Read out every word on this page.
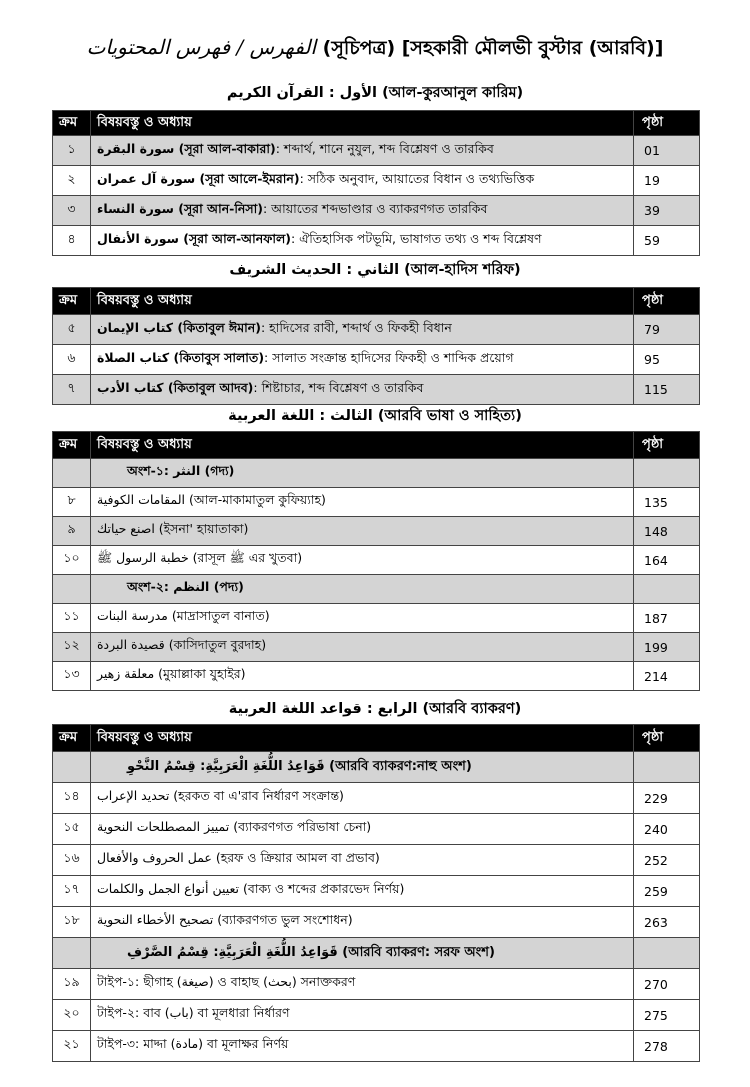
الفهرس / فهرس المحتويات (সূচিপত্র) [সহকারী মৌলভী বুস্টার (আরবি)]
الأول : القرآن الكريم (আল-কুরআনুল কারিম)
ক্রম	বিষয়বস্তু ও অধ্যায়	পৃষ্ঠা
১	سورة البقرة (সূরা আল-বাকারা): শব্দার্থ, শানে নুযুল, শব্দ বিশ্লেষণ ও তারকিব	01
২	سورة آل عمران (সূরা আলে-ইমরান): সঠিক অনুবাদ, আয়াতের বিধান ও তথ্যভিত্তিক	19
৩	سورة النساء (সূরা আন-নিসা): আয়াতের শব্দভাণ্ডার ও ব্যাকরণগত তারকিব	39
৪	سورة الأنفال (সূরা আল-আনফাল): ঐতিহাসিক পটভূমি, ভাষাগত তথ্য ও শব্দ বিশ্লেষণ	59
الثاني : الحديث الشريف (আল-হাদিস শরিফ)
ক্রম	বিষয়বস্তু ও অধ্যায়	পৃষ্ঠা
৫	كتاب الإيمان (কিতাবুল ঈমান): হাদিসের রাবী, শব্দার্থ ও ফিকহী বিধান	79
৬	كتاب الصلاة (কিতাবুস সালাত): সালাত সংক্রান্ত হাদিসের ফিকহী ও শাব্দিক প্রয়োগ	95
৭	كتاب الأدب (কিতাবুল আদব): শিষ্টাচার, শব্দ বিশ্লেষণ ও তারকিব	115
الثالث : اللغة العربية (আরবি ভাষা ও সাহিত্য)
ক্রম	বিষয়বস্তু ও অধ্যায়	পৃষ্ঠা
	অংশ-১: النثر (গদ্য)	
৮	المقامات الكوفية (আল-মাকামাতুল কুফিয়্যাহ)	135
৯	اصنع حياتك (ইসনা' হায়াতাকা)	148
১০	خطبة الرسول ﷺ (রাসূল ﷺ এর খুতবা)	164
	অংশ-২: النظم (পদ্য)	
১১	مدرسة البنات (মাদ্রাসাতুল বানাত)	187
১২	قصيدة البردة (কাসিদাতুল বুরদাহ)	199
১৩	معلقة زهير (মুয়াল্লাকা যুহাইর)	214
الرابع : قواعد اللغة العربية (আরবি ব্যাকরণ)
ক্রম	বিষয়বস্তু ও অধ্যায়	পৃষ্ঠা
	قَوَاعِدُ اللُّغَةِ الْعَرَبِيَّةِ: قِسْمُ النَّحْوِ (আরবি ব্যাকরণ:নাহু অংশ)	
১৪	تحديد الإعراب (হরকত বা এ'রাব নির্ধারণ সংক্রান্ত)	229
১৫	تمييز المصطلحات النحوية (ব্যাকরণগত পরিভাষা চেনা)	240
১৬	عمل الحروف والأفعال (হরফ ও ক্রিয়ার আমল বা প্রভাব)	252
১৭	تعيين أنواع الجمل والكلمات (বাক্য ও শব্দের প্রকারভেদ নির্ণয়)	259
১৮	تصحيح الأخطاء النحوية (ব্যাকরণগত ভুল সংশোধন)	263
	قَوَاعِدُ اللُّغَةِ الْعَرَبِيَّةِ: قِسْمُ الصَّرْفِ (আরবি ব্যাকরণ: সরফ অংশ)	
১৯	টাইপ-১: ছীগাহ (صيغة) ও বাহাছ (بحث) সনাক্তকরণ	270
২০	টাইপ-২: বাব (باب) বা মূলধারা নির্ধারণ	275
২১	টাইপ-৩: মাদ্দা (مادة) বা মূলাক্ষর নির্ণয়	278
